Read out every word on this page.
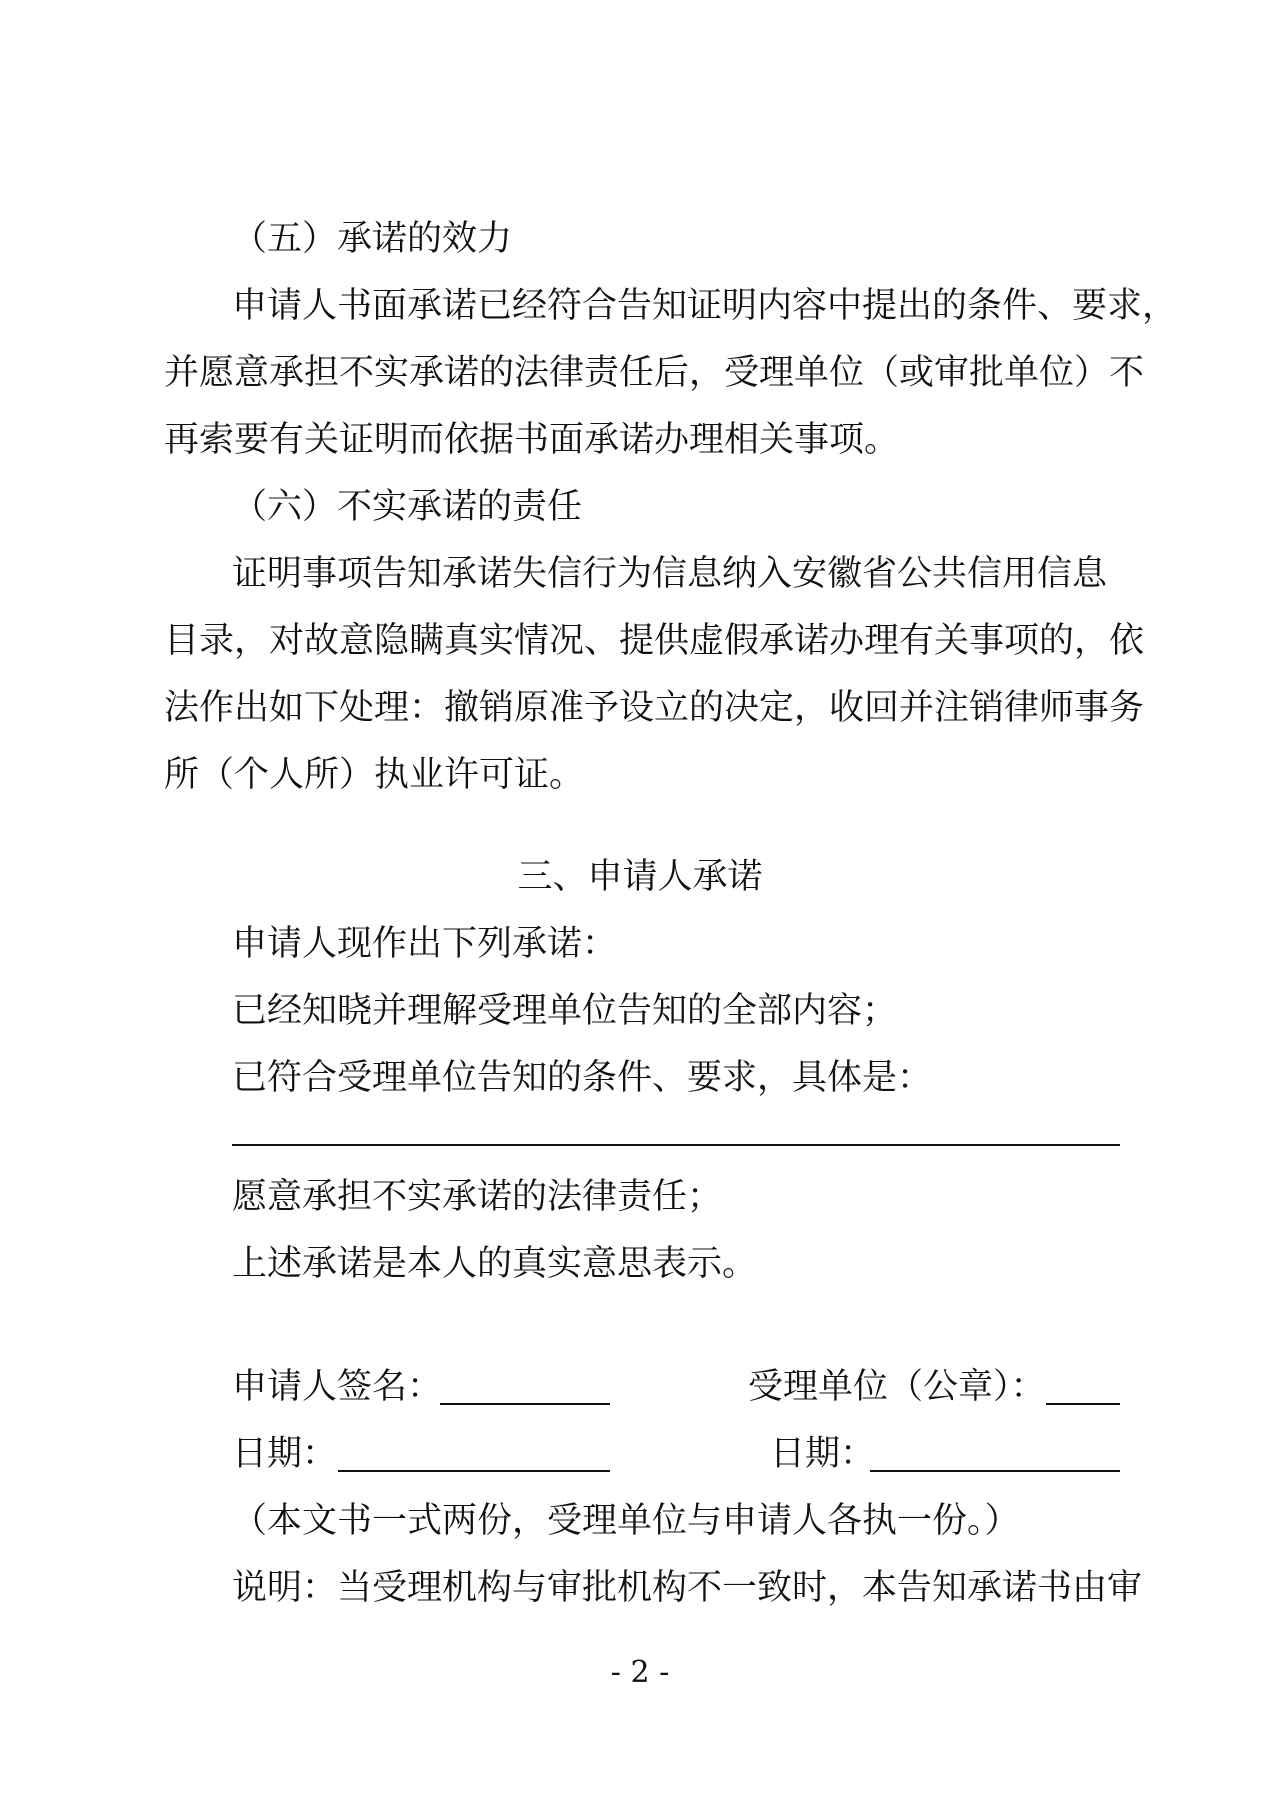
（五）承诺的效力
申请人书面承诺已经符合告知证明内容中提出的条件、要求，
并愿意承担不实承诺的法律责任后，受理单位（或审批单位）不
再索要有关证明而依据书面承诺办理相关事项。
（六）不实承诺的责任
证明事项告知承诺失信行为信息纳入安徽省公共信用信息
目录，对故意隐瞒真实情况、提供虚假承诺办理有关事项的，依
法作出如下处理：撤销原准予设立的决定，收回并注销律师事务
所（个人所）执业许可证。
三、申请人承诺
申请人现作出下列承诺：
已经知晓并理解受理单位告知的全部内容；
已符合受理单位告知的条件、要求，具体是：
愿意承担不实承诺的法律责任；
上述承诺是本人的真实意思表示。
申请人签名：	受理单位（公章）：
日期：	日期：
（本文书一式两份，受理单位与申请人各执一份。）
说明：当受理机构与审批机构不一致时，本告知承诺书由审
- 2 -
